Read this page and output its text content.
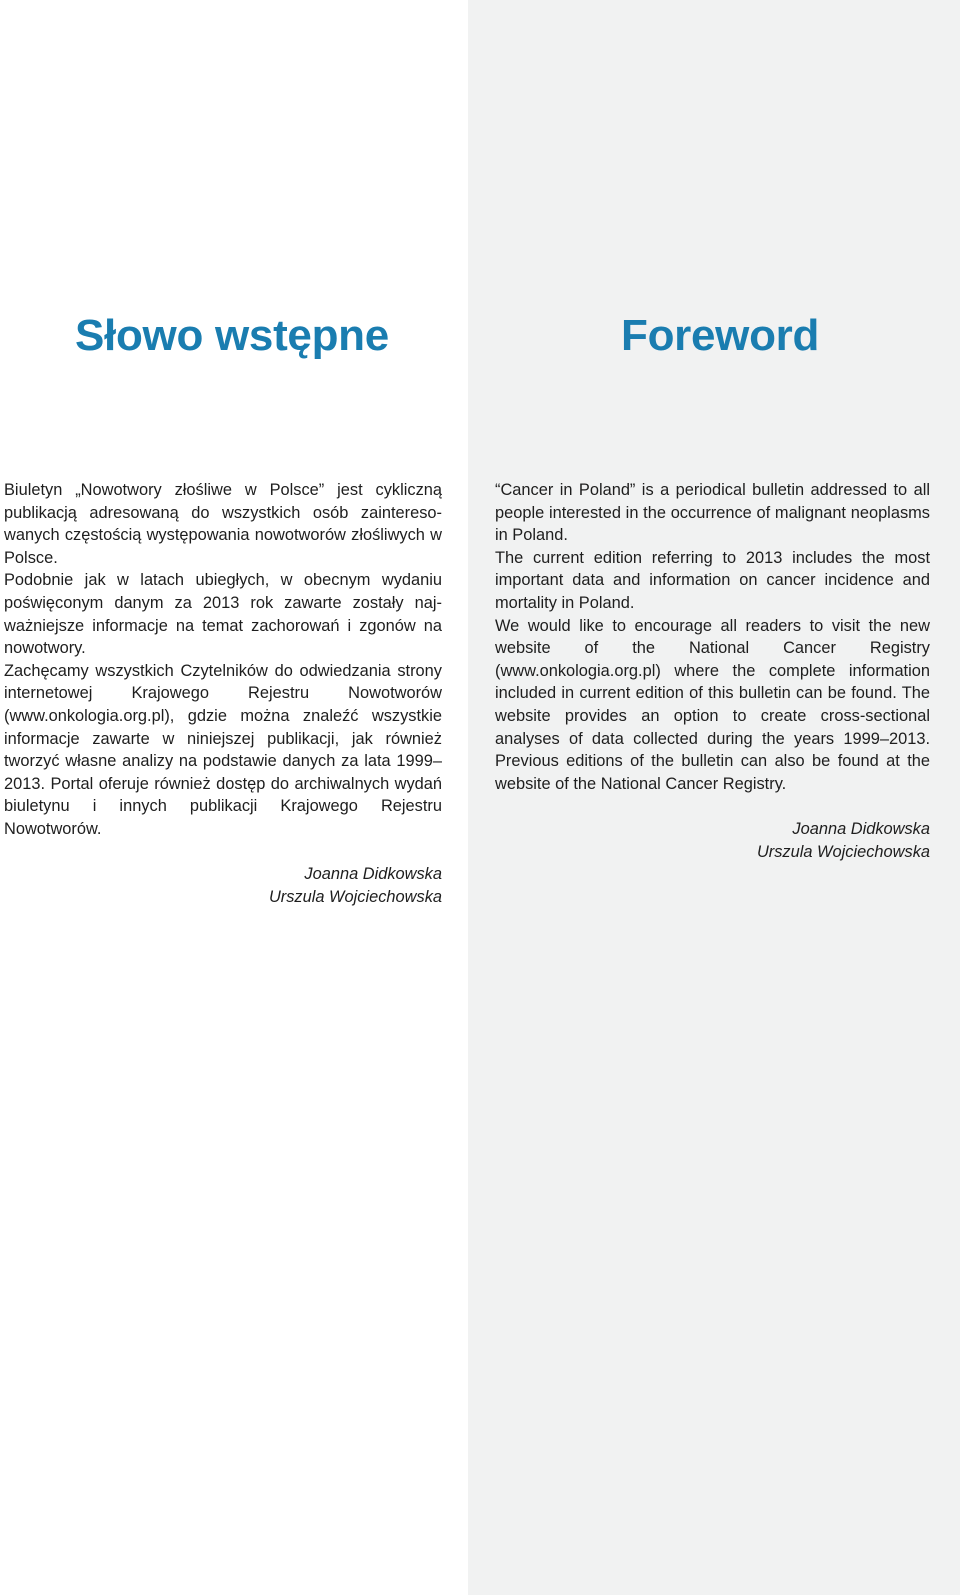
Słowo wstępne

Biuletyn „Nowotwory złośliwe w Polsce” jest cykliczną publikacją adresowaną do wszystkich osób zainteresowanych częstością występowania nowotworów złośliwych w Polsce.

Podobnie jak w latach ubiegłych, w obecnym wydaniu poświęconym danym za 2013 rok zawarte zostały najważniejsze informacje na temat zachorowań i zgonów na nowotwory.

Zachęcamy wszystkich Czytelników do odwiedzania strony internetowej Krajowego Rejestru Nowotworów (www.onkologia.org.pl), gdzie można znaleźć wszystkie informacje zawarte w niniejszej publikacji, jak również tworzyć własne analizy na podstawie danych za lata 1999–2013. Portal oferuje również dostęp do archiwalnych wydań biuletynu i innych publikacji Krajowego Rejestru Nowotworów.

Joanna Didkowska
Urszula Wojciechowska
Foreword

“Cancer in Poland” is a periodical bulletin addressed to all people interested in the occurrence of malignant neoplasms in Poland.

The current edition referring to 2013 includes the most important data and information on cancer incidence and mortality in Poland.

We would like to encourage all readers to visit the new website of the National Cancer Registry (www.onkologia.org.pl) where the complete information included in current edition of this bulletin can be found. The website provides an option to create cross-sectional analyses of data collected during the years 1999–2013. Previous editions of the bulletin can also be found at the website of the National Cancer Registry.

Joanna Didkowska
Urszula Wojciechowska
